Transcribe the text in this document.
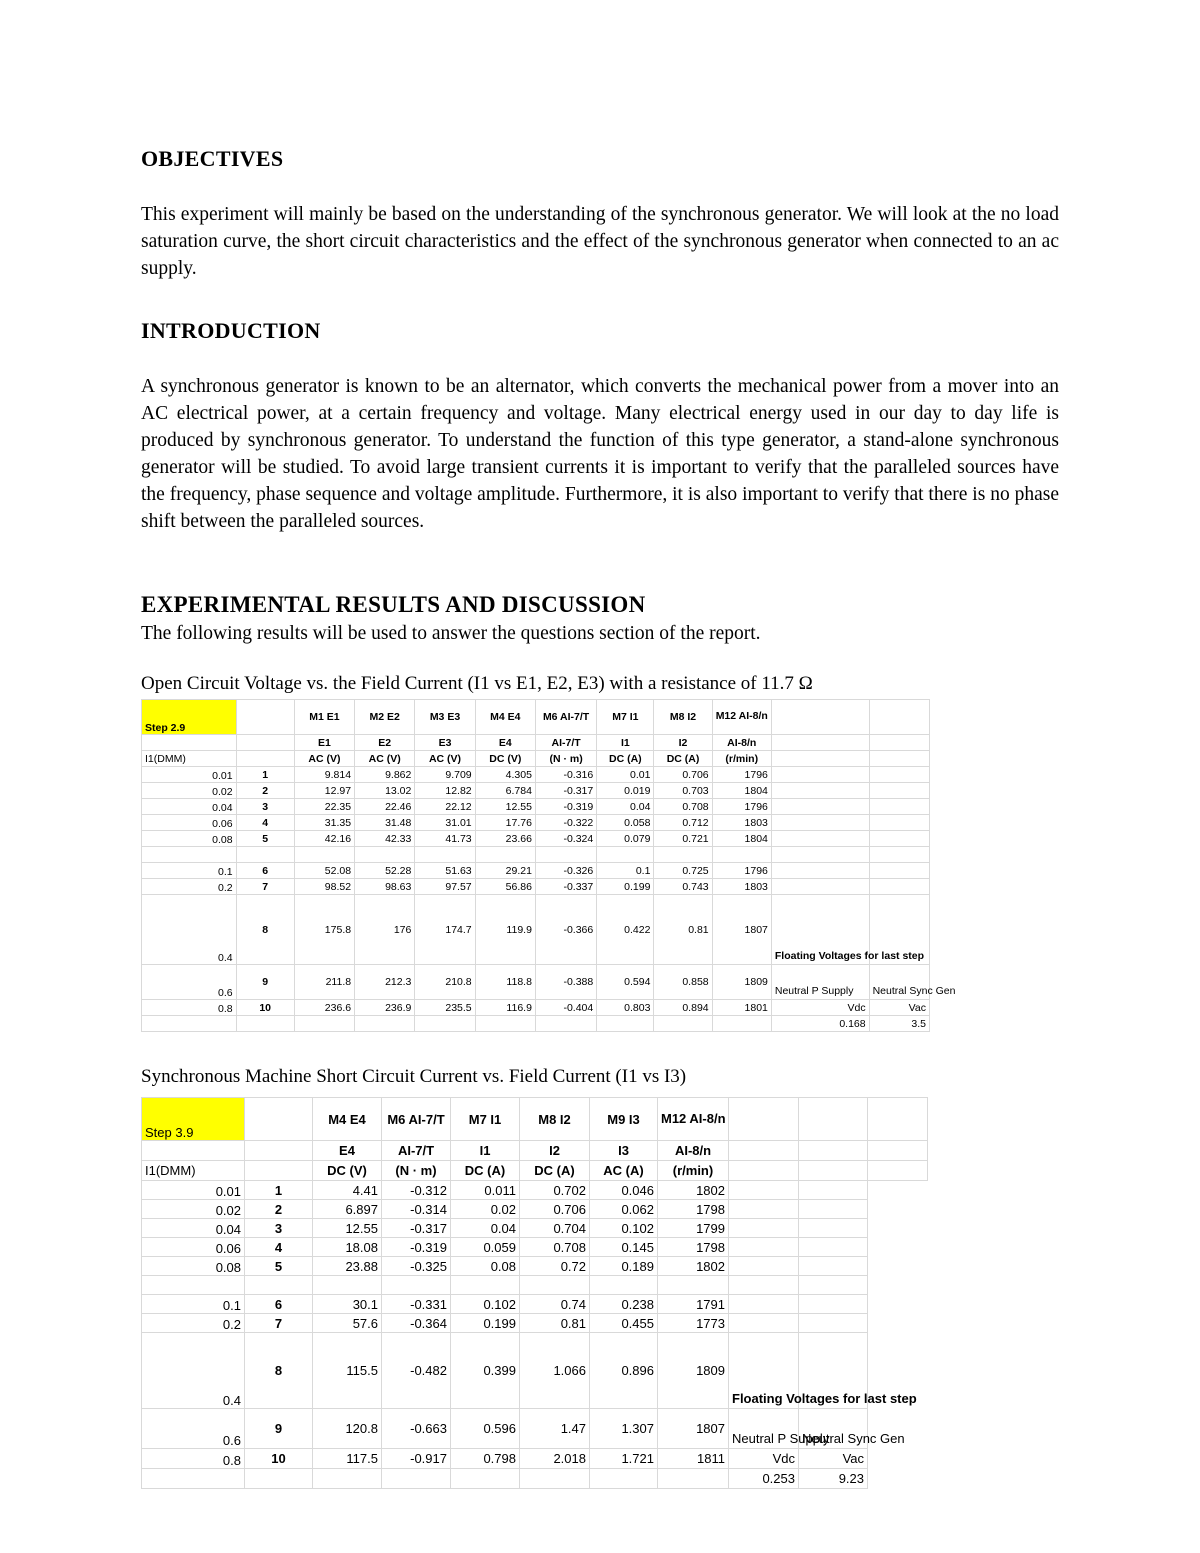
OBJECTIVES

This experiment will mainly be based on the understanding of the synchronous generator. We will look at the no load saturation curve, the short circuit characteristics and the effect of the synchronous generator when connected to an ac supply.

INTRODUCTION

A synchronous generator is known to be an alternator, which converts the mechanical power from a mover into an AC electrical power, at a certain frequency and voltage. Many electrical energy used in our day to day life is produced by synchronous generator. To understand the function of this type generator, a stand-alone synchronous generator will be studied. To avoid large transient currents it is important to verify that the paralleled sources have the frequency, phase sequence and voltage amplitude. Furthermore, it is also important to verify that there is no phase shift between the paralleled sources.

EXPERIMENTAL RESULTS AND DISCUSSION

The following results will be used to answer the questions section of the report.

Open Circuit Voltage vs. the Field Current (I1 vs E1, E2, E3) with a resistance of 11.7 Ω

Step 2.9		M1 E1	M2 E2	M3 E3	M4 E4	M6 AI-7/T	M7 I1	M8 I2	M12 AI-8/n		
		E1	E2	E3	E4	AI-7/T	I1	I2	AI-8/n		
I1(DMM)		AC (V)	AC (V)	AC (V)	DC (V)	(N · m)	DC (A)	DC (A)	(r/min)		
0.01	1	9.814	9.862	9.709	4.305	-0.316	0.01	0.706	1796		
0.02	2	12.97	13.02	12.82	6.784	-0.317	0.019	0.703	1804		
0.04	3	22.35	22.46	22.12	12.55	-0.319	0.04	0.708	1796		
0.06	4	31.35	31.48	31.01	17.76	-0.322	0.058	0.712	1803		
0.08	5	42.16	42.33	41.73	23.66	-0.324	0.079	0.721	1804		

0.1	6	52.08	52.28	51.63	29.21	-0.326	0.1	0.725	1796		
0.2	7	98.52	98.63	97.57	56.86	-0.337	0.199	0.743	1803		
0.4	8	175.8	176	174.7	119.9	-0.366	0.422	0.81	1807	Floating Voltages for last step	
0.6	9	211.8	212.3	210.8	118.8	-0.388	0.594	0.858	1809	Neutral P Supply	Neutral Sync Gen
0.8	10	236.6	236.9	235.5	116.9	-0.404	0.803	0.894	1801	Vdc	Vac
										0.168	3.5

Synchronous Machine Short Circuit Current vs. Field Current (I1 vs I3)

Step 3.9		M4 E4	M6 AI-7/T	M7 I1	M8 I2	M9 I3	M12 AI-8/n			
		E4	AI-7/T	I1	I2	I3	AI-8/n			
I1(DMM)		DC (V)	(N · m)	DC (A)	DC (A)	AC (A)	(r/min)			
0.01	1	4.41	-0.312	0.011	0.702	0.046	1802			
0.02	2	6.897	-0.314	0.02	0.706	0.062	1798			
0.04	3	12.55	-0.317	0.04	0.704	0.102	1799			
0.06	4	18.08	-0.319	0.059	0.708	0.145	1798			
0.08	5	23.88	-0.325	0.08	0.72	0.189	1802			

0.1	6	30.1	-0.331	0.102	0.74	0.238	1791			
0.2	7	57.6	-0.364	0.199	0.81	0.455	1773			
0.4	8	115.5	-0.482	0.399	1.066	0.896	1809	Floating Voltages for last step		
0.6	9	120.8	-0.663	0.596	1.47	1.307	1807	Neutral P Supply	Neutral Sync Gen	
0.8	10	117.5	-0.917	0.798	2.018	1.721	1811	Vdc	Vac	
								0.253	9.23	
